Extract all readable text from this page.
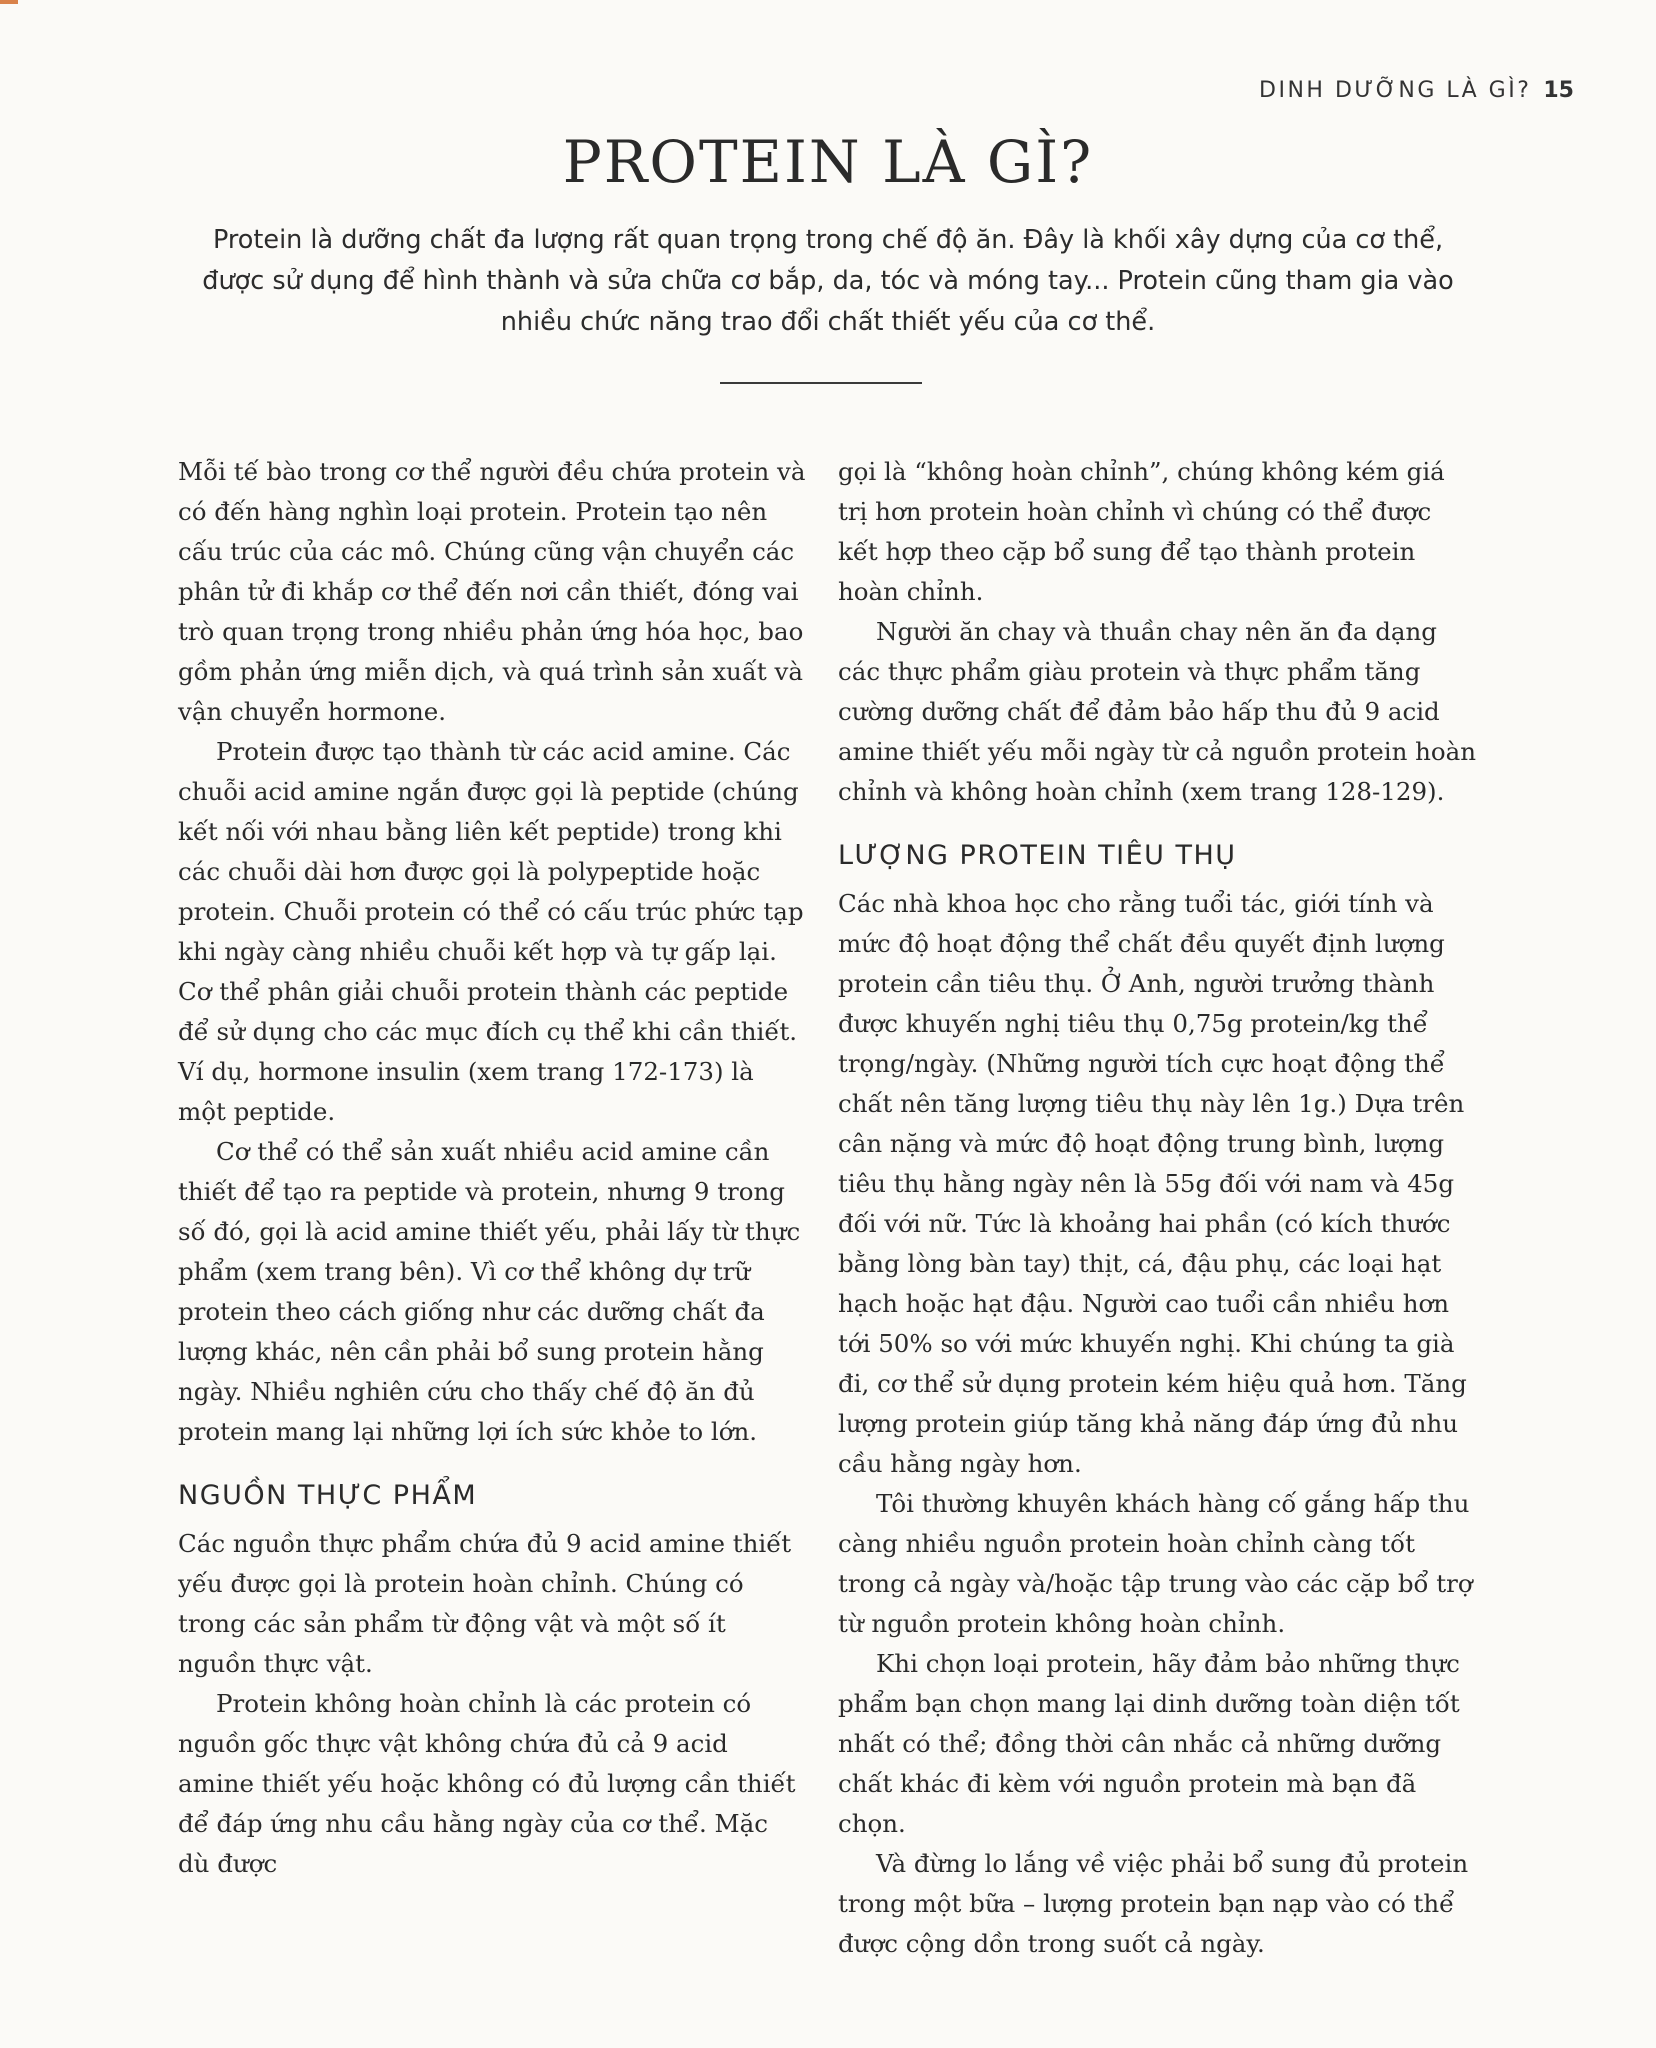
DINH DƯỠNG LÀ GÌ? 15
PROTEIN LÀ GÌ?

Protein là dưỡng chất đa lượng rất quan trọng trong chế độ ăn. Đây là khối xây dựng của cơ thể, được sử dụng để hình thành và sửa chữa cơ bắp, da, tóc và móng tay... Protein cũng tham gia vào nhiều chức năng trao đổi chất thiết yếu của cơ thể.

Mỗi tế bào trong cơ thể người đều chứa protein và có đến hàng nghìn loại protein. Protein tạo nên cấu trúc của các mô. Chúng cũng vận chuyển các phân tử đi khắp cơ thể đến nơi cần thiết, đóng vai trò quan trọng trong nhiều phản ứng hóa học, bao gồm phản ứng miễn dịch, và quá trình sản xuất và vận chuyển hormone.

Protein được tạo thành từ các acid amine. Các chuỗi acid amine ngắn được gọi là peptide (chúng kết nối với nhau bằng liên kết peptide) trong khi các chuỗi dài hơn được gọi là polypeptide hoặc protein. Chuỗi protein có thể có cấu trúc phức tạp khi ngày càng nhiều chuỗi kết hợp và tự gấp lại. Cơ thể phân giải chuỗi protein thành các peptide để sử dụng cho các mục đích cụ thể khi cần thiết. Ví dụ, hormone insulin (xem trang 172-173) là một peptide.

Cơ thể có thể sản xuất nhiều acid amine cần thiết để tạo ra peptide và protein, nhưng 9 trong số đó, gọi là acid amine thiết yếu, phải lấy từ thực phẩm (xem trang bên). Vì cơ thể không dự trữ protein theo cách giống như các dưỡng chất đa lượng khác, nên cần phải bổ sung protein hằng ngày. Nhiều nghiên cứu cho thấy chế độ ăn đủ protein mang lại những lợi ích sức khỏe to lớn.

NGUỒN THỰC PHẨM

Các nguồn thực phẩm chứa đủ 9 acid amine thiết yếu được gọi là protein hoàn chỉnh. Chúng có trong các sản phẩm từ động vật và một số ít nguồn thực vật.

Protein không hoàn chỉnh là các protein có nguồn gốc thực vật không chứa đủ cả 9 acid amine thiết yếu hoặc không có đủ lượng cần thiết để đáp ứng nhu cầu hằng ngày của cơ thể. Mặc dù được

gọi là “không hoàn chỉnh”, chúng không kém giá trị hơn protein hoàn chỉnh vì chúng có thể được kết hợp theo cặp bổ sung để tạo thành protein hoàn chỉnh.

Người ăn chay và thuần chay nên ăn đa dạng các thực phẩm giàu protein và thực phẩm tăng cường dưỡng chất để đảm bảo hấp thu đủ 9 acid amine thiết yếu mỗi ngày từ cả nguồn protein hoàn chỉnh và không hoàn chỉnh (xem trang 128-129).

LƯỢNG PROTEIN TIÊU THỤ

Các nhà khoa học cho rằng tuổi tác, giới tính và mức độ hoạt động thể chất đều quyết định lượng protein cần tiêu thụ. Ở Anh, người trưởng thành được khuyến nghị tiêu thụ 0,75g protein/kg thể trọng/ngày. (Những người tích cực hoạt động thể chất nên tăng lượng tiêu thụ này lên 1g.) Dựa trên cân nặng và mức độ hoạt động trung bình, lượng tiêu thụ hằng ngày nên là 55g đối với nam và 45g đối với nữ. Tức là khoảng hai phần (có kích thước bằng lòng bàn tay) thịt, cá, đậu phụ, các loại hạt hạch hoặc hạt đậu. Người cao tuổi cần nhiều hơn tới 50% so với mức khuyến nghị. Khi chúng ta già đi, cơ thể sử dụng protein kém hiệu quả hơn. Tăng lượng protein giúp tăng khả năng đáp ứng đủ nhu cầu hằng ngày hơn.

Tôi thường khuyên khách hàng cố gắng hấp thu càng nhiều nguồn protein hoàn chỉnh càng tốt trong cả ngày và/hoặc tập trung vào các cặp bổ trợ từ nguồn protein không hoàn chỉnh.

Khi chọn loại protein, hãy đảm bảo những thực phẩm bạn chọn mang lại dinh dưỡng toàn diện tốt nhất có thể; đồng thời cân nhắc cả những dưỡng chất khác đi kèm với nguồn protein mà bạn đã chọn.

Và đừng lo lắng về việc phải bổ sung đủ protein trong một bữa – lượng protein bạn nạp vào có thể được cộng dồn trong suốt cả ngày.
